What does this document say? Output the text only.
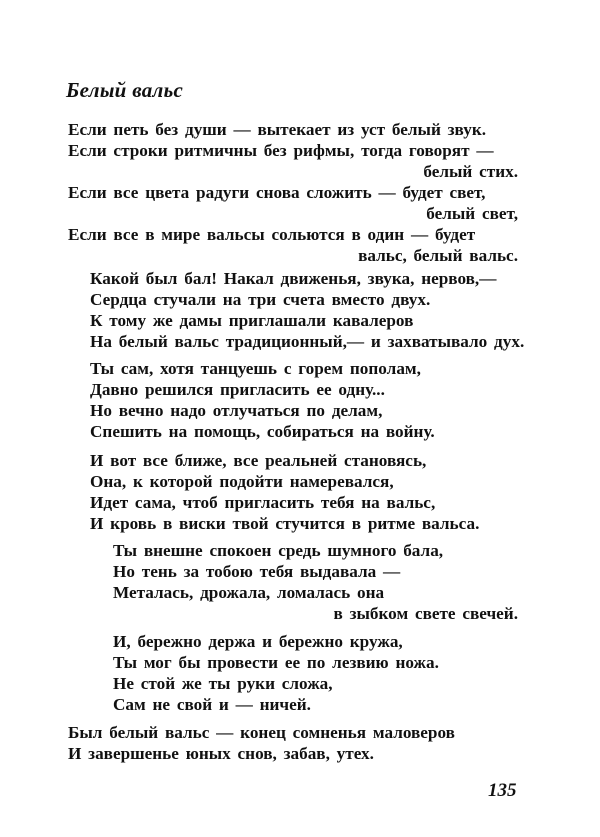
Белый вальс
Если петь без души — вытекает из уст белый звук.
Если строки ритмичны без рифмы, тогда говорят —
белый стих.
Если все цвета радуги снова сложить — будет свет,
белый свет,
Если все в мире вальсы сольются в один — будет
вальс, белый вальс.
Какой был бал! Накал движенья, звука, нервов,—
Сердца стучали на три счета вместо двух.
К тому же дамы приглашали кавалеров
На белый вальс традиционный,— и захватывало дух.
Ты сам, хотя танцуешь с горем пополам,
Давно решился пригласить ее одну...
Но вечно надо отлучаться по делам,
Спешить на помощь, собираться на войну.
И вот все ближе, все реальней становясь,
Она, к которой подойти намеревался,
Идет сама, чтоб пригласить тебя на вальс,
И кровь в виски твой стучится в ритме вальса.
Ты внешне спокоен средь шумного бала,
Но тень за тобою тебя выдавала —
Металась, дрожала, ломалась она
в зыбком свете свечей.
И, бережно держа и бережно кружа,
Ты мог бы провести ее по лезвию ножа.
Не стой же ты руки сложа,
Сам не свой и — ничей.
Был белый вальс — конец сомненья маловеров
И завершенье юных снов, забав, утех.
135
